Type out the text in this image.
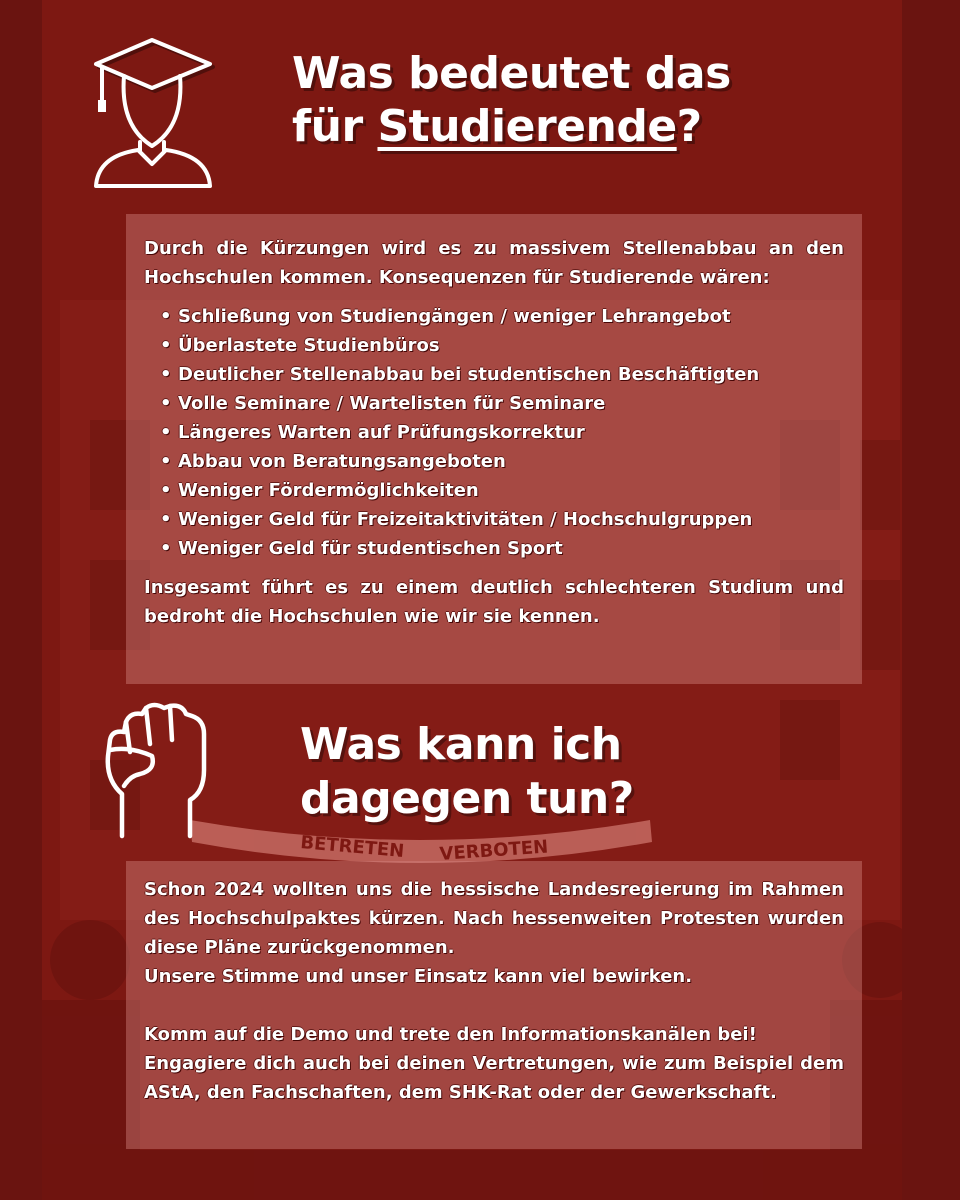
BETRETEN VERBOTEN
Was bedeutet das
für Studierende?

Durch die Kürzungen wird es zu massivem Stellenabbau an den Hochschulen kommen. Konsequenzen für Studierende wären:

• Schließung von Studiengängen / weniger Lehrangebot
• Überlastete Studienbüros
• Deutlicher Stellenabbau bei studentischen Beschäftigten
• Volle Seminare / Wartelisten für Seminare
• Längeres Warten auf Prüfungskorrektur
• Abbau von Beratungsangeboten
• Weniger Fördermöglichkeiten
• Weniger Geld für Freizeitaktivitäten / Hochschulgruppen
• Weniger Geld für studentischen Sport

Insgesamt führt es zu einem deutlich schlechteren Studium und bedroht die Hochschulen wie wir sie kennen.

Was kann ich
dagegen tun?

Schon 2024 wollten uns die hessische Landesregierung im Rahmen des Hochschulpaktes kürzen. Nach hessenweiten Protesten wurden diese Pläne zurückgenommen.

Unsere Stimme und unser Einsatz kann viel bewirken.

Komm auf die Demo und trete den Informationskanälen bei!

Engagiere dich auch bei deinen Vertretungen, wie zum Beispiel dem AStA, den Fachschaften, dem SHK-Rat oder der Gewerkschaft.
